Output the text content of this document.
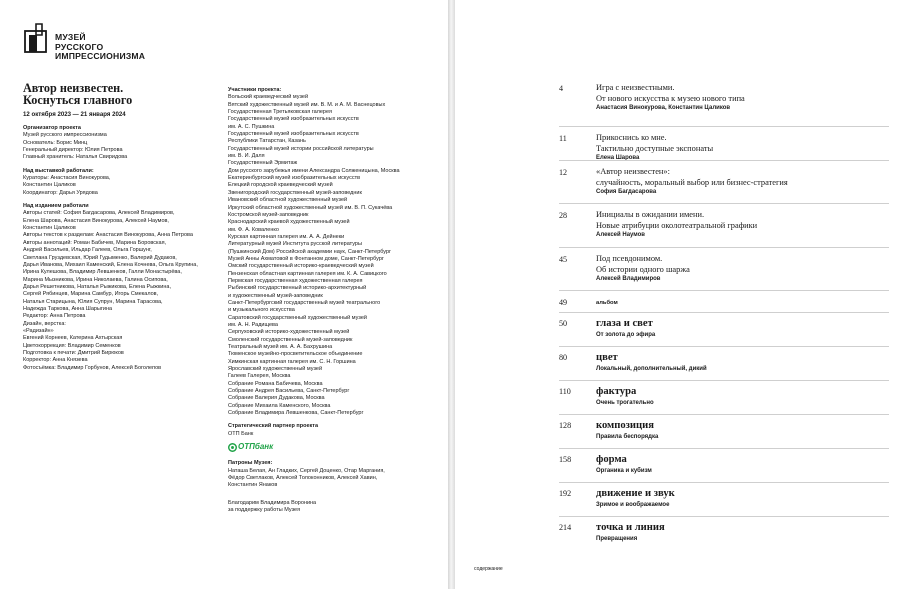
МУЗЕЙ
РУССКОГО
ИМПРЕССИОНИЗМА
Автор неизвестен.
Коснуться главного
12 октября 2023 — 21 января 2024
Организатор проекта
Музей русского импрессионизма
Основатель: Борис Минц
Генеральный директор: Юлия Петрова
Главный хранитель: Наталья Свиридова
Над выставкой работали:
Кураторы: Анастасия Винокурова,
Константин Цаликов
Координатор: Дарья Урядова
Над изданием работали
Авторы статей: София Багдасарова, Алексей Владимиров,
Елена Шарова, Анастасия Винокурова, Алексей Наумов,
Константин Цаликов
Авторы текстов к разделам: Анастасия Винокурова, Анна Петрова
Авторы аннотаций: Роман Бабичев, Марина Боровская,
Андрей Васильев, Ильдар Галеев, Ольга Горшунг,
Светлана Груздевская, Юрий Гудыменко, Валерий Дудаков,
Дарья Иванова, Михаил Каменский, Елена Кочнева, Ольга Крупина,
Ирина Кулешова, Владимир Левшенков, Галли Монастырёва,
Марина Мызникова, Ирина Николаева, Галина Осипова,
Дарья Решетникова, Наталья Рыжикова, Елена Рыжкина,
Сергей Рябинцев, Марина Самбур, Игорь Смекалов,
Наталья Старицына, Юлия Супрун, Марина Тарасова,
Надежда Таркова, Анна Шарыгина
Редактор: Анна Петрова
Дизайн, верстка:
«Радизайн»
Евгений Корнеев, Катерина Ахтырская
Цветокоррекция: Владимир Семенков
Подготовка к печати: Дмитрий Бирюков
Корректор: Анна Князева
Фотосъёмка: Владимир Горбунов, Алексей Боголепов
Участники проекта:
Вольский краеведческий музей
Вятский художественный музей им. В. М. и А. М. Васнецовых
Государственная Третьяковская галерея
Государственный музей изобразительных искусств
им. А. С. Пушкина
Государственный музей изобразительных искусств
Республики Татарстан, Казань
Государственный музей истории российской литературы
им. В. И. Даля
Государственный Эрмитаж
Дом русского зарубежья имени Александра Солженицына, Москва
Екатеринбургский музей изобразительных искусств
Елецкий городской краеведческий музей
Звенигородский государственный музей-заповедник
Ивановский областной художественный музей
Иркутский областной художественный музей им. В. П. Сукачёва
Костромской музей-заповедник
Краснодарский краевой художественный музей
им. Ф. А. Коваленко
Курская картинная галерея им. А. А. Дейнеки
Литературный музей Института русской литературы
(Пушкинский Дом) Российской академии наук, Санкт-Петербург
Музей Анны Ахматовой в Фонтанном доме, Санкт-Петербург
Омский государственный историко-краеведческий музей
Пензенская областная картинная галерея им. К. А. Савицкого
Пермская государственная художественная галерея
Рыбинский государственный историко-архитектурный
и художественный музей-заповедник
Санкт-Петербургский государственный музей театрального
и музыкального искусства
Саратовский государственный художественный музей
им. А. Н. Радищева
Серпуховский историко-художественный музей
Смоленский государственный музей-заповедник
Театральный музей им. А. А. Бахрушина
Тюменское музейно-просветительское объединение
Химкинская картинная галерея им. С. Н. Горшина
Ярославский художественный музей
Галеев Галерея, Москва
Собрание Романа Бабичева, Москва
Собрание Андрея Васильева, Санкт-Петербург
Собрание Валерия Дудакова, Москва
Собрание Михаила Каменского, Москва
Собрание Владимира Левшенкова, Санкт-Петербург
Стратегический партнер проекта
ОТП Банк
ОТПбанк
Патроны Музея:
Наташа Белая, Ан Гладких, Сергей Доценко, Отар Маргания,
Фёдор Светлаков, Алексей Толоконников, Алексей Хавин,
Константин Янаков
Благодарим Владимира Воронина
за поддержку работы Музея
4	Игра с неизвестными.
От нового искусства к музею нового типа
Анастасия Винокурова, Константин Цаликов
11	Прикоснись ко мне.
Тактильно доступные экспонаты
Елена Шарова
12	«Автор неизвестен»:
случайность, моральный выбор или бизнес-стратегия
София Багдасарова
28	Инициалы в ожидании имени.
Новые атрибуции околотеатральной графики
Алексей Наумов
45	Под псевдонимом.
Об истории одного шаржа
Алексей Владимиров
49	альбом
50	глаза и свет
От золота до эфира
80	цвет
Локальный, дополнительный, дикий
110 фактура
Очень трогательно
128 композиция
Правила беспорядка
158 форма
Органика и кубизм
192 движение и звук
Зримое и воображаемое
214 точка и линия
Превращения
содержание
